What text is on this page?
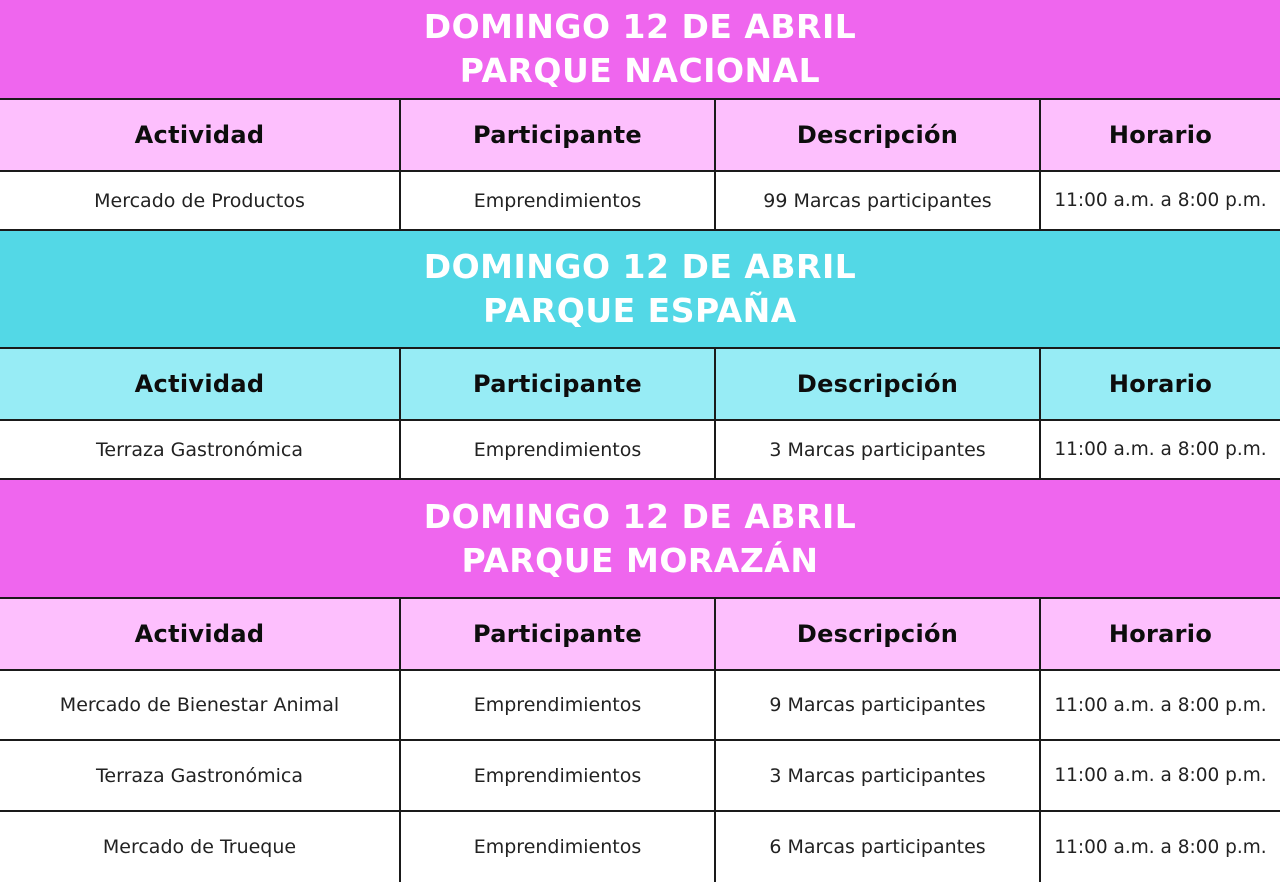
DOMINGO 12 DE ABRIL
PARQUE NACIONAL
Actividad	Participante	Descripción	Horario
Mercado de Productos	Emprendimientos	99 Marcas participantes	11:00 a.m. a 8:00 p.m.
DOMINGO 12 DE ABRIL
PARQUE ESPAÑA
Actividad	Participante	Descripción	Horario
Terraza Gastronómica	Emprendimientos	3 Marcas participantes	11:00 a.m. a 8:00 p.m.
DOMINGO 12 DE ABRIL
PARQUE MORAZÁN
Actividad	Participante	Descripción	Horario
Mercado de Bienestar Animal	Emprendimientos	9 Marcas participantes	11:00 a.m. a 8:00 p.m.
Terraza Gastronómica	Emprendimientos	3 Marcas participantes	11:00 a.m. a 8:00 p.m.
Mercado de Trueque	Emprendimientos	6 Marcas participantes	11:00 a.m. a 8:00 p.m.
